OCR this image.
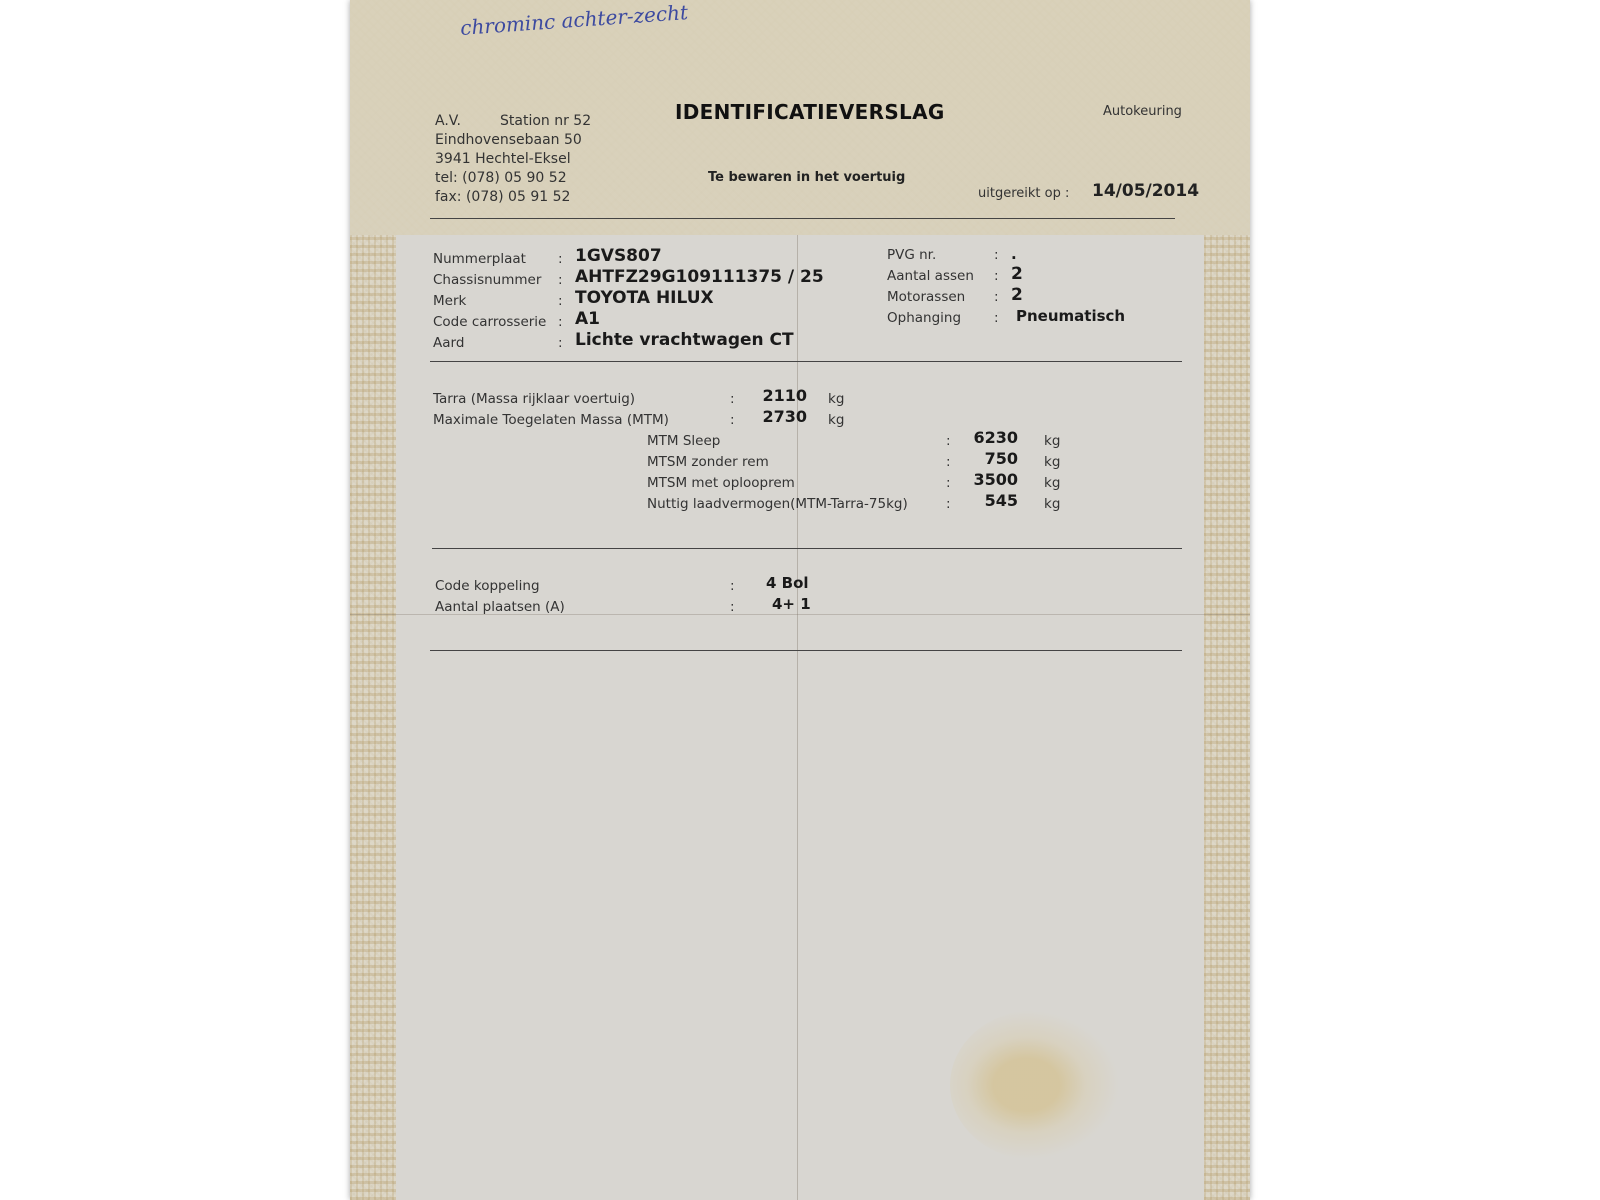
chrominc achter-zecht
A.V.	Station nr 52
Eindhovensebaan 50
3941 Hechtel-Eksel
tel: (078) 05 90 52
fax: (078) 05 91 52
IDENTIFICATIEVERSLAG
Te bewaren in het voertuig
Autokeuring
uitgereikt op : 14/05/2014
Nummerplaat : 1GVS807
Chassisnummer : AHTFZ29G109111375 / 25
Merk	: TOYOTA HILUX
Code carrosserie : A1
Aard	: Lichte vrachtwagen CT
PVG nr.	: .
Aantal assen : 2
Motorassen : 2
Ophanging : Pneumatisch
Tarra (Massa rijklaar voertuig)	:	2110 kg
Maximale Toegelaten Massa (MTM)	:	2730 kg
MTM Sleep	:	6230 kg
MTSM zonder rem	:	750 kg
MTSM met oplooprem	:	3500 kg
Nuttig laadvermogen(MTM-Tarra-75kg)	:	545 kg
Code koppeling	: 4 Bol
Aantal plaatsen (A)	: 4+ 1
